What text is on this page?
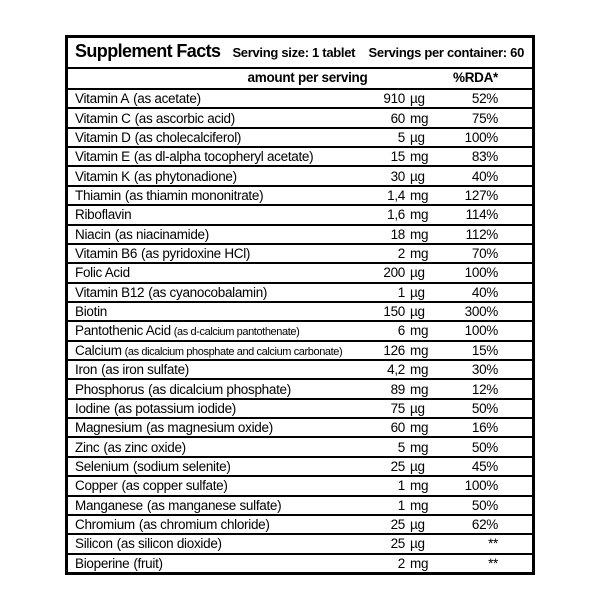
Supplement Facts Serving size: 1 tablet Servings per container: 60
amount per serving	%RDA*
Vitamin A (as acetate)	910 µg	52%
Vitamin C (as ascorbic acid)	60 mg	75%
Vitamin D (as cholecalciferol)	5 µg	100%
Vitamin E (as dl-alpha tocopheryl acetate)	15 mg	83%
Vitamin K (as phytonadione)	30 µg	40%
Thiamin (as thiamin mononitrate)	1,4 mg	127%
Riboflavin	1,6 mg	114%
Niacin (as niacinamide)	18 mg	112%
Vitamin B6 (as pyridoxine HCl)	2 mg	70%
Folic Acid	200 µg	100%
Vitamin B12 (as cyanocobalamin)	1 µg	40%
Biotin	150 µg	300%
Pantothenic Acid (as d-calcium pantothenate)	6 mg	100%
Calcium (as dicalcium phosphate and calcium carbonate)	126 mg	15%
Iron (as iron sulfate)	4,2 mg	30%
Phosphorus (as dicalcium phosphate)	89 mg	12%
Iodine (as potassium iodide)	75 µg	50%
Magnesium (as magnesium oxide)	60 mg	16%
Zinc (as zinc oxide)	5 mg	50%
Selenium (sodium selenite)	25 µg	45%
Copper (as copper sulfate)	1 mg	100%
Manganese (as manganese sulfate)	1 mg	50%
Chromium (as chromium chloride)	25 µg	62%
Silicon (as silicon dioxide)	25 µg	**
Bioperine (fruit)	2 mg	**
